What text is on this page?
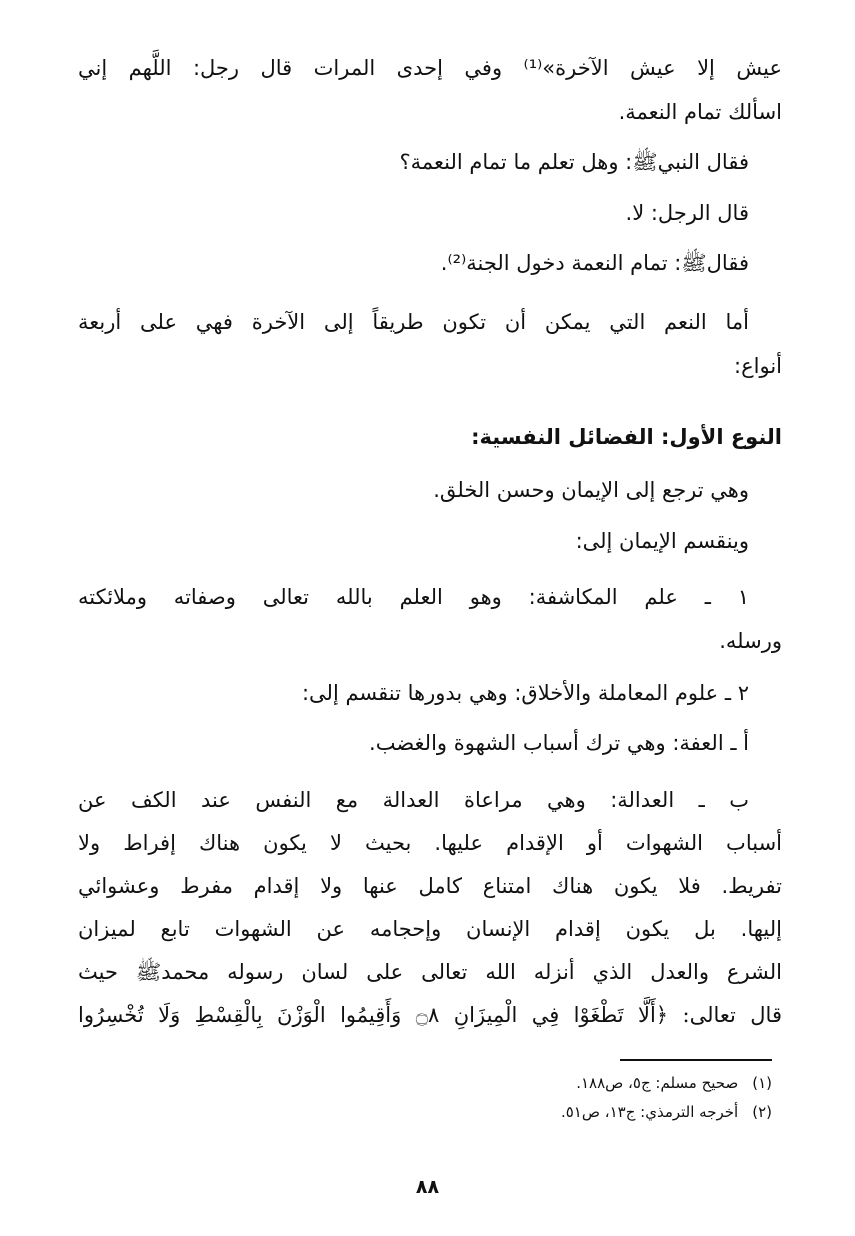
عيش إلا عيش الآخرة»⁽¹⁾ وفي إحدى المرات قال رجل: اللَّهم إني
اسألك تمام النعمة.
فقال النبيﷺ: وهل تعلم ما تمام النعمة؟
قال الرجل: لا.
فقالﷺ: تمام النعمة دخول الجنة⁽²⁾.
أما النعم التي يمكن أن تكون طريقاً إلى الآخرة فهي على أربعة
أنواع:
النوع الأول: الفضائل النفسية:
وهي ترجع إلى الإيمان وحسن الخلق.
وينقسم الإيمان إلى:
١ ـ علم المكاشفة: وهو العلم بالله تعالى وصفاته وملائكته
ورسله.
٢ ـ علوم المعاملة والأخلاق: وهي بدورها تنقسم إلى:
أ ـ العفة: وهي ترك أسباب الشهوة والغضب.
ب ـ العدالة: وهي مراعاة العدالة مع النفس عند الكف عن
أسباب الشهوات أو الإقدام عليها. بحيث لا يكون هناك إفراط ولا
تفريط. فلا يكون هناك امتناع كامل عنها ولا إقدام مفرط وعشوائي
إليها. بل يكون إقدام الإنسان وإحجامه عن الشهوات تابع لميزان
الشرع والعدل الذي أنزله الله تعالى على لسان رسوله محمدﷺ حيث
قال تعالى: ﴿أَلَّا تَطْغَوْا فِي الْمِيزَانِ ۝٨ وَأَقِيمُوا الْوَزْنَ بِالْقِسْطِ وَلَا تُخْسِرُوا
(١)صحيح مسلم: ج٥، ص١٨٨.
(٢)أخرجه الترمذي: ج١٣، ص٥١.
٨٨
